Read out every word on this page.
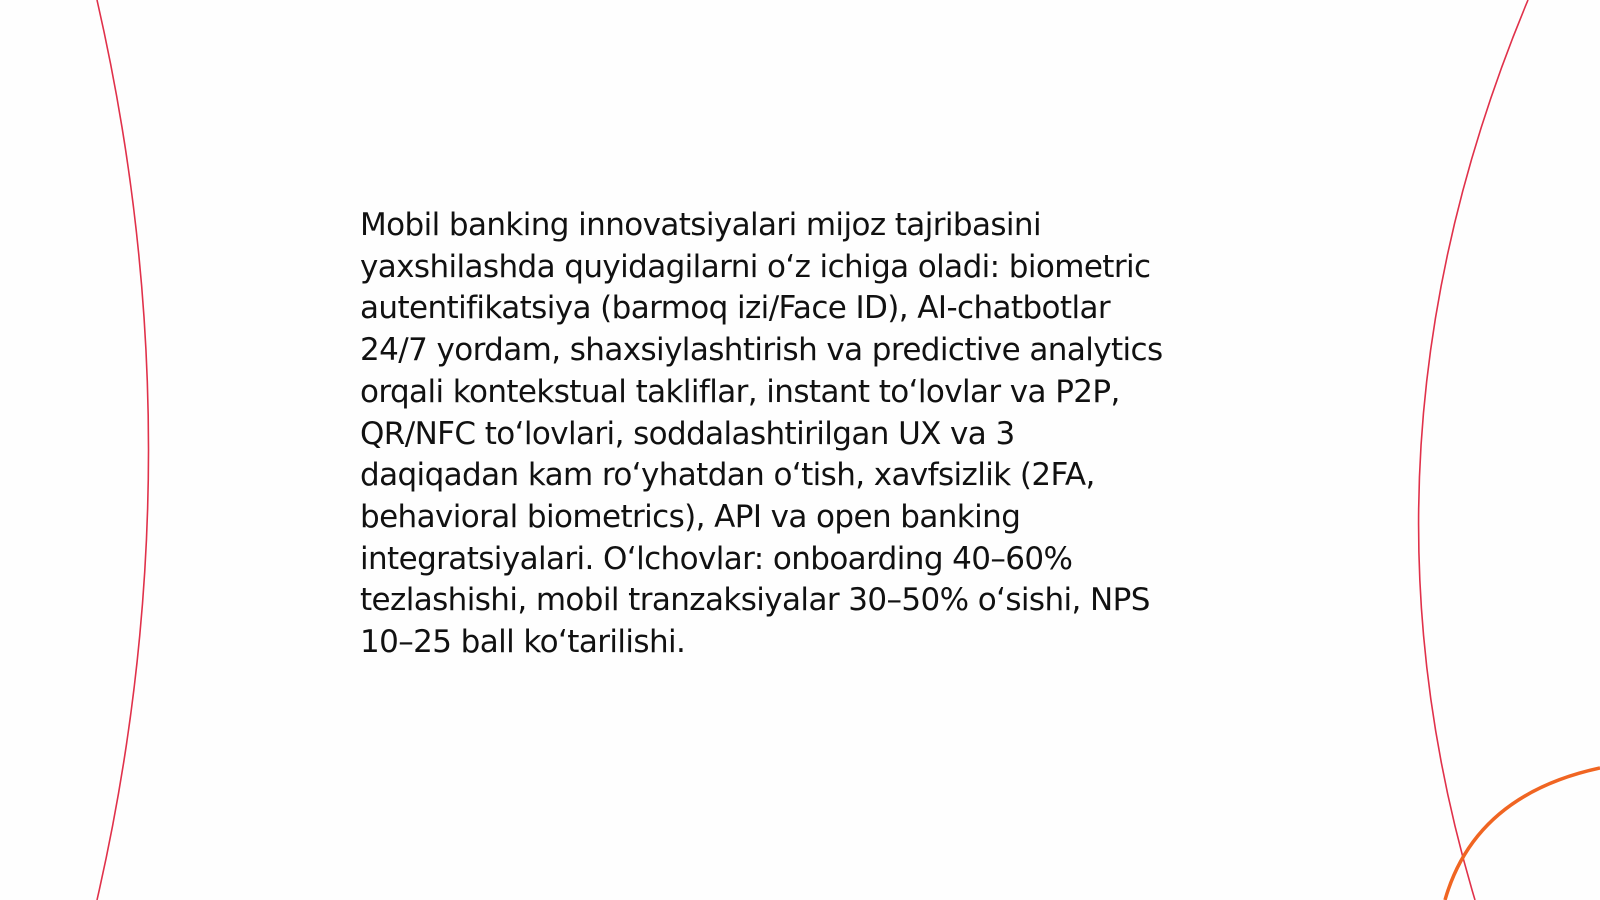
Mobil banking innovatsiyalari mijoz tajribasini
yaxshilashda quyidagilarni oʻz ichiga oladi: biometric
autentifikatsiya (barmoq izi/Face ID), AI-chatbotlar
24/7 yordam, shaxsiylashtirish va predictive analytics
orqali kontekstual takliflar, instant toʻlovlar va P2P,
QR/NFC toʻlovlari, soddalashtirilgan UX va 3
daqiqadan kam roʻyhatdan oʻtish, xavfsizlik (2FA,
behavioral biometrics), API va open banking
integratsiyalari. Oʻlchovlar: onboarding 40–60%
tezlashishi, mobil tranzaksiyalar 30–50% oʻsishi, NPS
10–25 ball koʻtarilishi.
